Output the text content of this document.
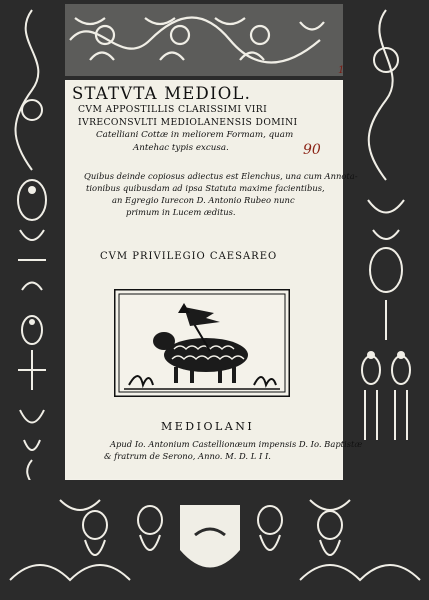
1
STATVTA MEDIOL.
CVM APPOSTILLIS CLARISSIMI VIRI
IVRECONSVLTI MEDIOLANENSIS DOMINI
Catelliani Cottæ in meliorem Formam, quam
Antehac typis excusa.	90
Quibus deinde copiosus adiectus est Elenchus, una cum Annota-
tionibus quibusdam ad ipsa Statuta maxime facientibus,
an Egregio Iurecon D. Antonio Rubeo nunc
primum in Lucem æditus.
CVM PRIVILEGIO CAESAREO
MEDIOLANI
Apud Io. Antonium Castellionæum impensis D. Io. Baptistæ
& fratrum de Serono, Anno. M. D. L I I.
